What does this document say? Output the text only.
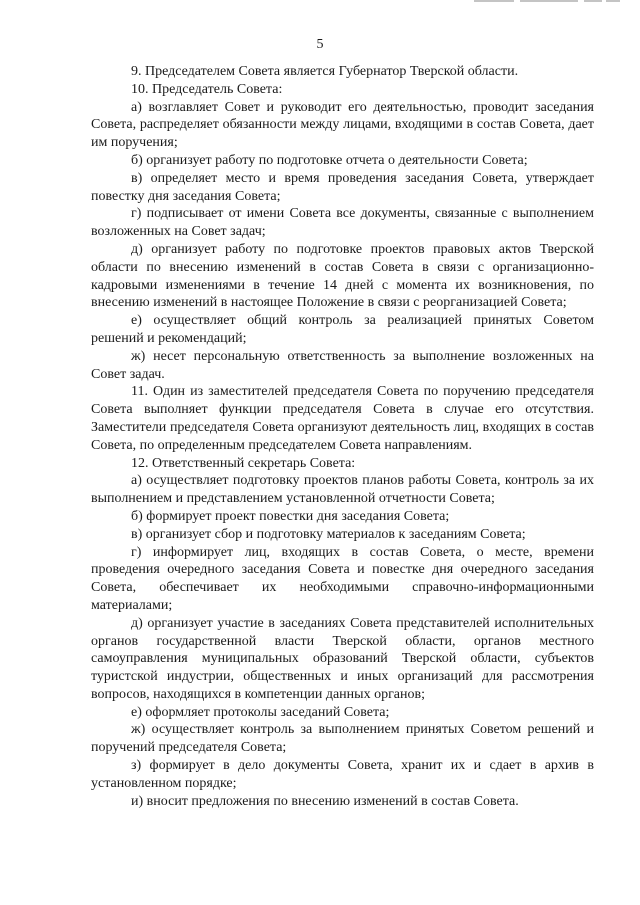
5

9. Председателем Совета является Губернатор Тверской области.

10. Председатель Совета:

а) возглавляет Совет и руководит его деятельностью, проводит заседания Совета, распределяет обязанности между лицами, входящими в состав Совета, дает им поручения;

б) организует работу по подготовке отчета о деятельности Совета;

в) определяет место и время проведения заседания Совета, утверждает повестку дня заседания Совета;

г) подписывает от имени Совета все документы, связанные с выполнением возложенных на Совет задач;

д) организует работу по подготовке проектов правовых актов Тверской области по внесению изменений в состав Совета в связи с организационно-кадровыми изменениями в течение 14 дней с момента их возникновения, по внесению изменений в настоящее Положение в связи с реорганизацией Совета;

е) осуществляет общий контроль за реализацией принятых Советом решений и рекомендаций;

ж) несет персональную ответственность за выполнение возложенных на Совет задач.

11. Один из заместителей председателя Совета по поручению председателя Совета выполняет функции председателя Совета в случае его отсутствия. Заместители председателя Совета организуют деятельность лиц, входящих в состав Совета, по определенным председателем Совета направлениям.

12. Ответственный секретарь Совета:

а) осуществляет подготовку проектов планов работы Совета, контроль за их выполнением и представлением установленной отчетности Совета;

б) формирует проект повестки дня заседания Совета;

в) организует сбор и подготовку материалов к заседаниям Совета;

г) информирует лиц, входящих в состав Совета, о месте, времени проведения очередного заседания Совета и повестке дня очередного заседания Совета, обеспечивает их необходимыми справочно-информационными материалами;

д) организует участие в заседаниях Совета представителей исполнительных органов государственной власти Тверской области, органов местного самоуправления муниципальных образований Тверской области, субъектов туристской индустрии, общественных и иных организаций для рассмотрения вопросов, находящихся в компетенции данных органов;

е) оформляет протоколы заседаний Совета;

ж) осуществляет контроль за выполнением принятых Советом решений и поручений председателя Совета;

з) формирует в дело документы Совета, хранит их и сдает в архив в установленном порядке;

и) вносит предложения по внесению изменений в состав Совета.
